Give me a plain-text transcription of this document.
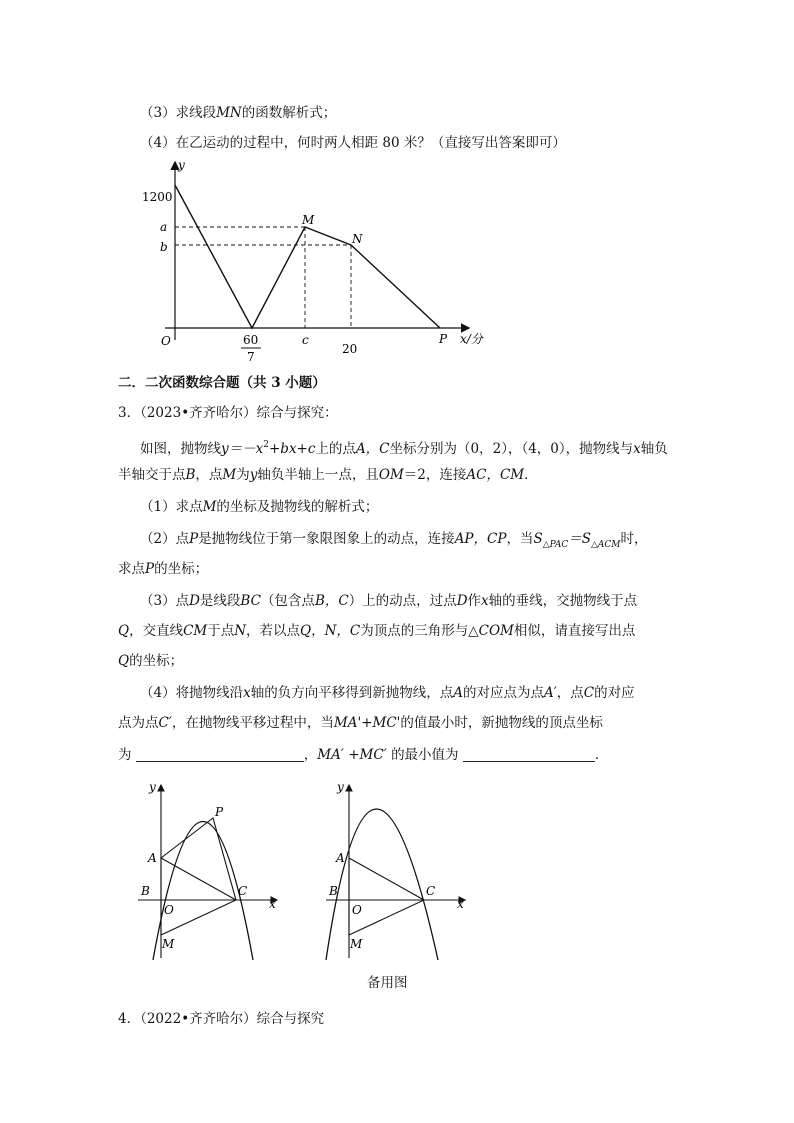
（3）求线段MN的函数解析式；
（4）在乙运动的过程中，何时两人相距 80 米？（直接写出答案即可）
y
x/分
O
1200
a
b
60
7
c
20
M
N
P
二．二次函数综合题（共 3 小题）
3．（2023•齐齐哈尔）综合与探究：
如图，抛物线$y=-x^2+bx+c$上的点A，C坐标分别为（0，2），（4，0），抛物线与x轴负
半轴交于点B，点M为y轴负半轴上一点，且OM＝2，连接AC，CM．
（1）求点M的坐标及抛物线的解析式；
（2）点P是抛物线位于第一象限图象上的动点，连接AP，CP，当$S_{\triangle PAC}=S_{\triangle ACM}$时，
求点P的坐标；
（3）点D是线段BC（包含点B，C）上的动点，过点D作x轴的垂线，交抛物线于点
Q，交直线CM于点N，若以点Q，N，C为顶点的三角形与△COM相似，请直接写出点
Q的坐标；
（4）将抛物线沿x轴的负方向平移得到新抛物线，点A的对应点为点A′，点C的对应
点为点C′，在抛物线平移过程中，当MA'+MC'的值最小时，新抛物线的顶点坐标
为	，MA′ +MC′ 的最小值为	．
y
x
A
B	C
O
M
P
y
x
A
B	C
O
M
备用图
4．（2022•齐齐哈尔）综合与探究
